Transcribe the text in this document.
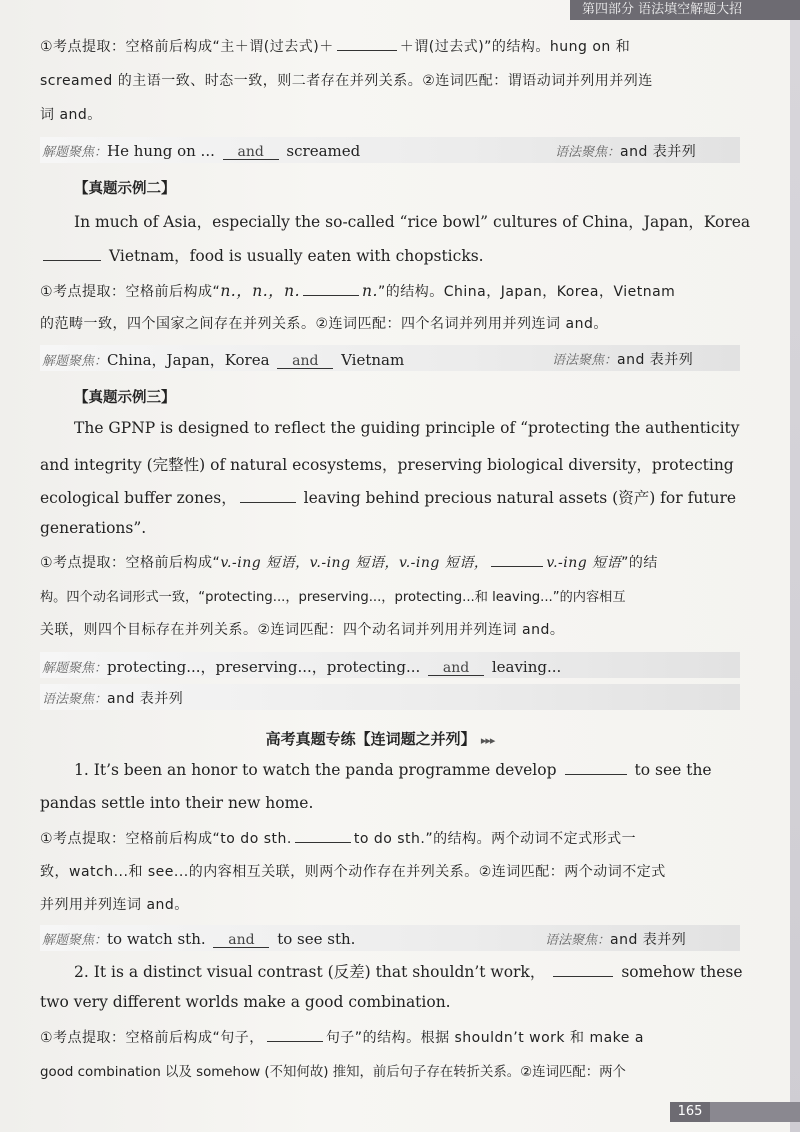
第四部分 语法填空解题大招
①考点提取：空格前后构成“主＋谓(过去式)＋	＋谓(过去式)”的结构。hung on 和
screamed 的主语一致、时态一致，则二者存在并列关系。②连词匹配：谓语动词并列用并列连
词 and。
解题聚焦：He hung on ... and screamed	语法聚焦：and 表并列
【真题示例二】
In much of Asia，especially the so-called “rice bowl” cultures of China，Japan，Korea
Vietnam，food is usually eaten with chopsticks.
①考点提取：空格前后构成“n.，n.，n.	n.”的结构。China，Japan，Korea，Vietnam
的范畴一致，四个国家之间存在并列关系。②连词匹配：四个名词并列用并列连词 and。
解题聚焦：China，Japan，Korea and Vietnam	语法聚焦：and 表并列
【真题示例三】
The GPNP is designed to reflect the guiding principle of “protecting the authenticity
and integrity (完整性) of natural ecosystems，preserving biological diversity，protecting
ecological buffer zones，	leaving behind precious natural assets (资产) for future
generations”.
①考点提取：空格前后构成“v.-ing 短语，v.-ing 短语，v.-ing 短语，	v.-ing 短语”的结
构。四个动名词形式一致，“protecting...，preserving...，protecting...和 leaving...”的内容相互
关联，则四个目标存在并列关系。②连词匹配：四个动名词并列用并列连词 and。
解题聚焦：protecting...，preserving...，protecting... and leaving...
语法聚焦：and 表并列
高考真题专练【连词题之并列】 ▸▸▸
1. It’s been an honor to watch the panda programme develop	to see the
pandas settle into their new home.
①考点提取：空格前后构成“to do sth.	to do sth.”的结构。两个动词不定式形式一
致，watch...和 see...的内容相互关联，则两个动作存在并列关系。②连词匹配：两个动词不定式
并列用并列连词 and。
解题聚焦：to watch sth. and to see sth.	语法聚焦：and 表并列
2. It is a distinct visual contrast (反差) that shouldn’t work，	somehow these
two very different worlds make a good combination.
①考点提取：空格前后构成“句子，	句子”的结构。根据 shouldn’t work 和 make a
good combination 以及 somehow (不知何故) 推知，前后句子存在转折关系。②连词匹配：两个
165
